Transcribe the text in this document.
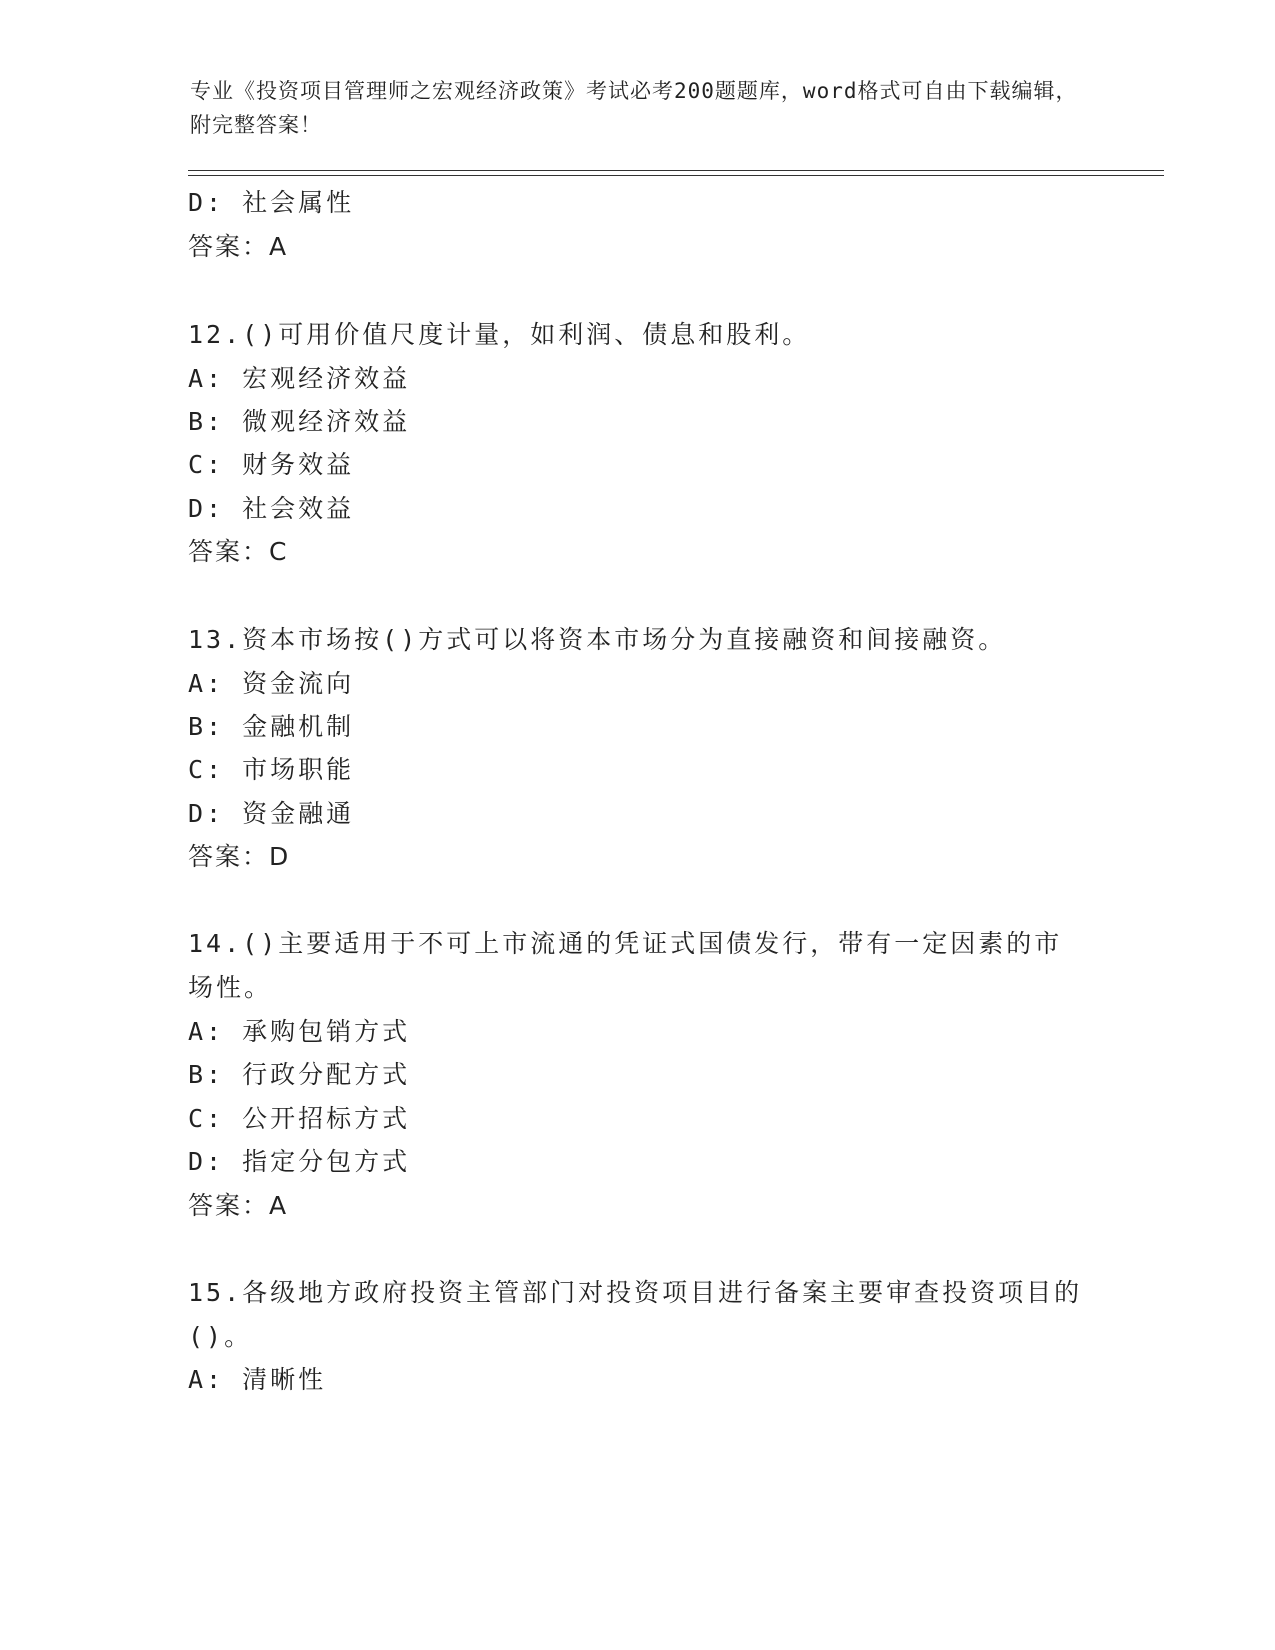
专业《投资项目管理师之宏观经济政策》考试必考200题题库，word格式可自由下载编辑，附完整答案！
D: 社会属性
答案：A
12.()可用价值尺度计量，如利润、债息和股利。
A: 宏观经济效益
B: 微观经济效益
C: 财务效益
D: 社会效益
答案：C
13.资本市场按()方式可以将资本市场分为直接融资和间接融资。
A: 资金流向
B: 金融机制
C: 市场职能
D: 资金融通
答案：D
14.()主要适用于不可上市流通的凭证式国债发行，带有一定因素的市场性。
A: 承购包销方式
B: 行政分配方式
C: 公开招标方式
D: 指定分包方式
答案：A
15.各级地方政府投资主管部门对投资项目进行备案主要审查投资项目的()。
A: 清晰性
